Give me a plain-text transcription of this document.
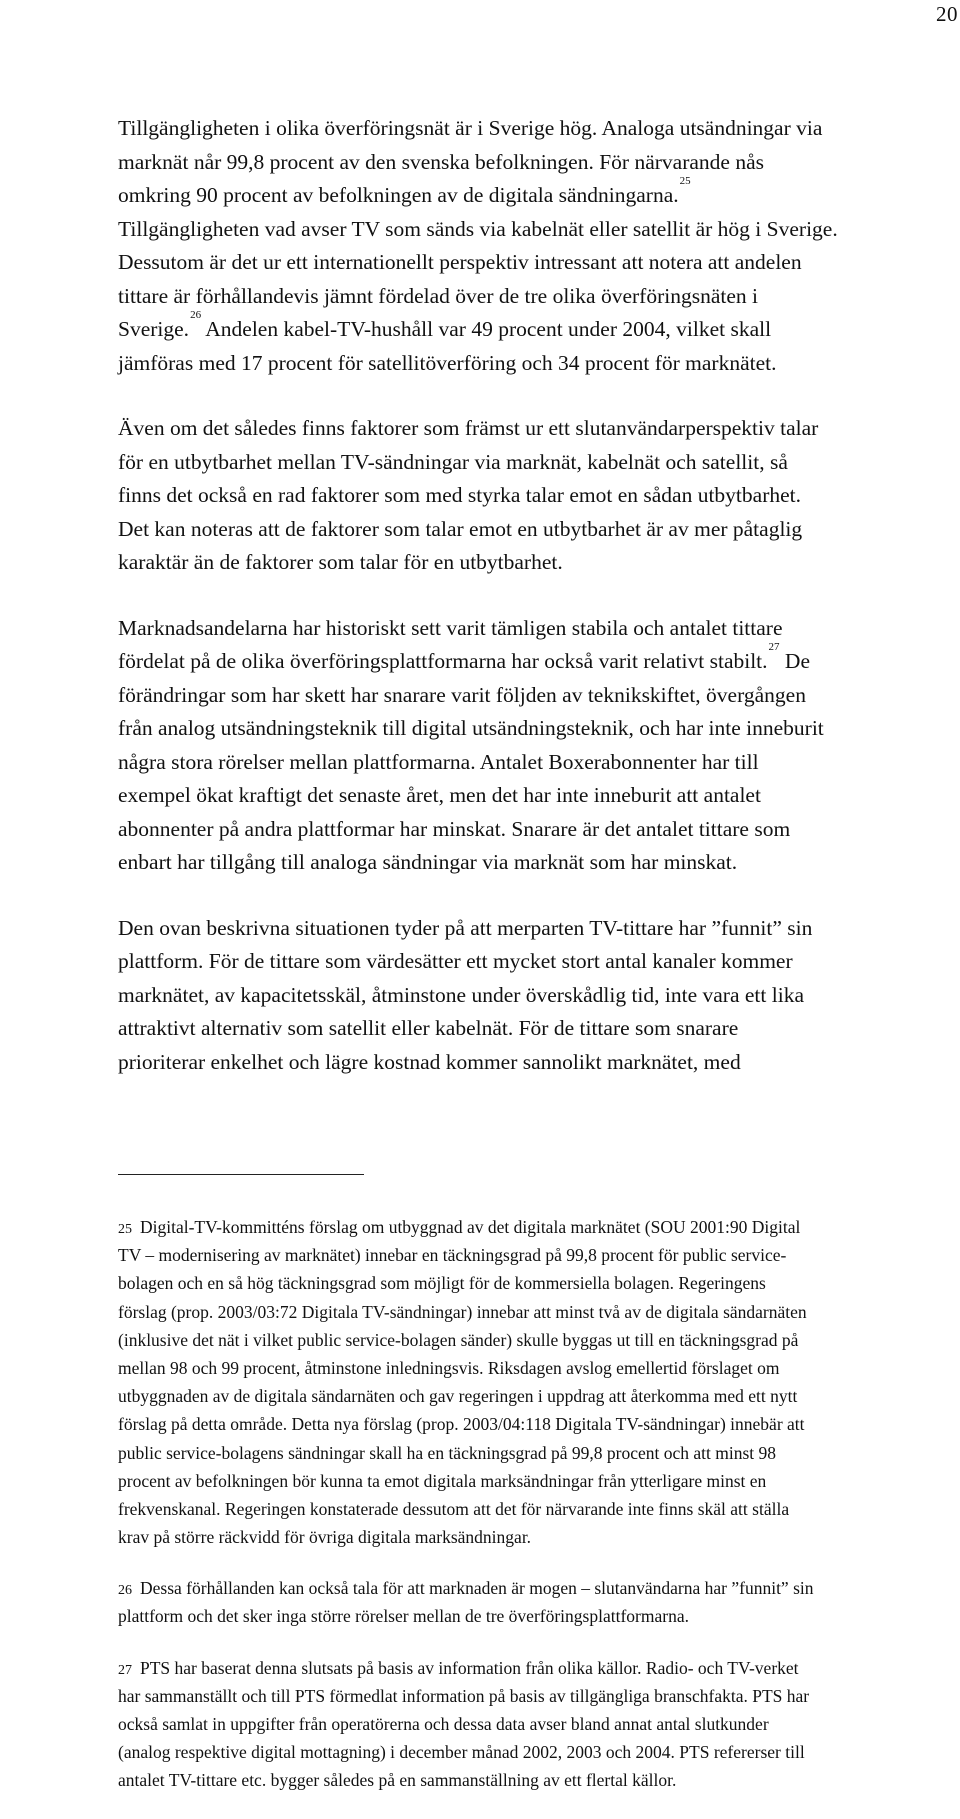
20

Tillgängligheten i olika överföringsnät är i Sverige hög. Analoga utsändningar via
marknät når 99,8 procent av den svenska befolkningen. För närvarande nås
omkring 90 procent av befolkningen av de digitala sändningarna.$^{25}$
Tillgängligheten vad avser TV som sänds via kabelnät eller satellit är hög i Sverige.
Dessutom är det ur ett internationellt perspektiv intressant att notera att andelen
tittare är förhållandevis jämnt fördelad över de tre olika överföringsnäten i
Sverige.$^{26}$ Andelen kabel-TV-hushåll var 49 procent under 2004, vilket skall
jämföras med 17 procent för satellitöverföring och 34 procent för marknätet.

Även om det således finns faktorer som främst ur ett slutanvändarperspektiv talar
för en utbytbarhet mellan TV-sändningar via marknät, kabelnät och satellit, så
finns det också en rad faktorer som med styrka talar emot en sådan utbytbarhet.
Det kan noteras att de faktorer som talar emot en utbytbarhet är av mer påtaglig
karaktär än de faktorer som talar för en utbytbarhet.

Marknadsandelarna har historiskt sett varit tämligen stabila och antalet tittare
fördelat på de olika överföringsplattformarna har också varit relativt stabilt.$^{27}$ De
förändringar som har skett har snarare varit följden av teknikskiftet, övergången
från analog utsändningsteknik till digital utsändningsteknik, och har inte inneburit
några stora rörelser mellan plattformarna. Antalet Boxerabonnenter har till
exempel ökat kraftigt det senaste året, men det har inte inneburit att antalet
abonnenter på andra plattformar har minskat. Snarare är det antalet tittare som
enbart har tillgång till analoga sändningar via marknät som har minskat.

Den ovan beskrivna situationen tyder på att merparten TV-tittare har ”funnit” sin
plattform. För de tittare som värdesätter ett mycket stort antal kanaler kommer
marknätet, av kapacitetsskäl, åtminstone under överskådlig tid, inte vara ett lika
attraktivt alternativ som satellit eller kabelnät. För de tittare som snarare
prioriterar enkelhet och lägre kostnad kommer sannolikt marknätet, med

25 Digital-TV-kommitténs förslag om utbyggnad av det digitala marknätet (SOU 2001:90 Digital
TV – modernisering av marknätet) innebar en täckningsgrad på 99,8 procent för public service-
bolagen och en så hög täckningsgrad som möjligt för de kommersiella bolagen. Regeringens
förslag (prop. 2003/03:72 Digitala TV-sändningar) innebar att minst två av de digitala sändarnäten
(inklusive det nät i vilket public service-bolagen sänder) skulle byggas ut till en täckningsgrad på
mellan 98 och 99 procent, åtminstone inledningsvis. Riksdagen avslog emellertid förslaget om
utbyggnaden av de digitala sändarnäten och gav regeringen i uppdrag att återkomma med ett nytt
förslag på detta område. Detta nya förslag (prop. 2003/04:118 Digitala TV-sändningar) innebär att
public service-bolagens sändningar skall ha en täckningsgrad på 99,8 procent och att minst 98
procent av befolkningen bör kunna ta emot digitala marksändningar från ytterligare minst en
frekvenskanal. Regeringen konstaterade dessutom att det för närvarande inte finns skäl att ställa
krav på större räckvidd för övriga digitala marksändningar.
26 Dessa förhållanden kan också tala för att marknaden är mogen – slutanvändarna har ”funnit” sin
plattform och det sker inga större rörelser mellan de tre överföringsplattformarna.
27 PTS har baserat denna slutsats på basis av information från olika källor. Radio- och TV-verket
har sammanställt och till PTS förmedlat information på basis av tillgängliga branschfakta. PTS har
också samlat in uppgifter från operatörerna och dessa data avser bland annat antal slutkunder
(analog respektive digital mottagning) i december månad 2002, 2003 och 2004. PTS refererser till
antalet TV-tittare etc. bygger således på en sammanställning av ett flertal källor.
